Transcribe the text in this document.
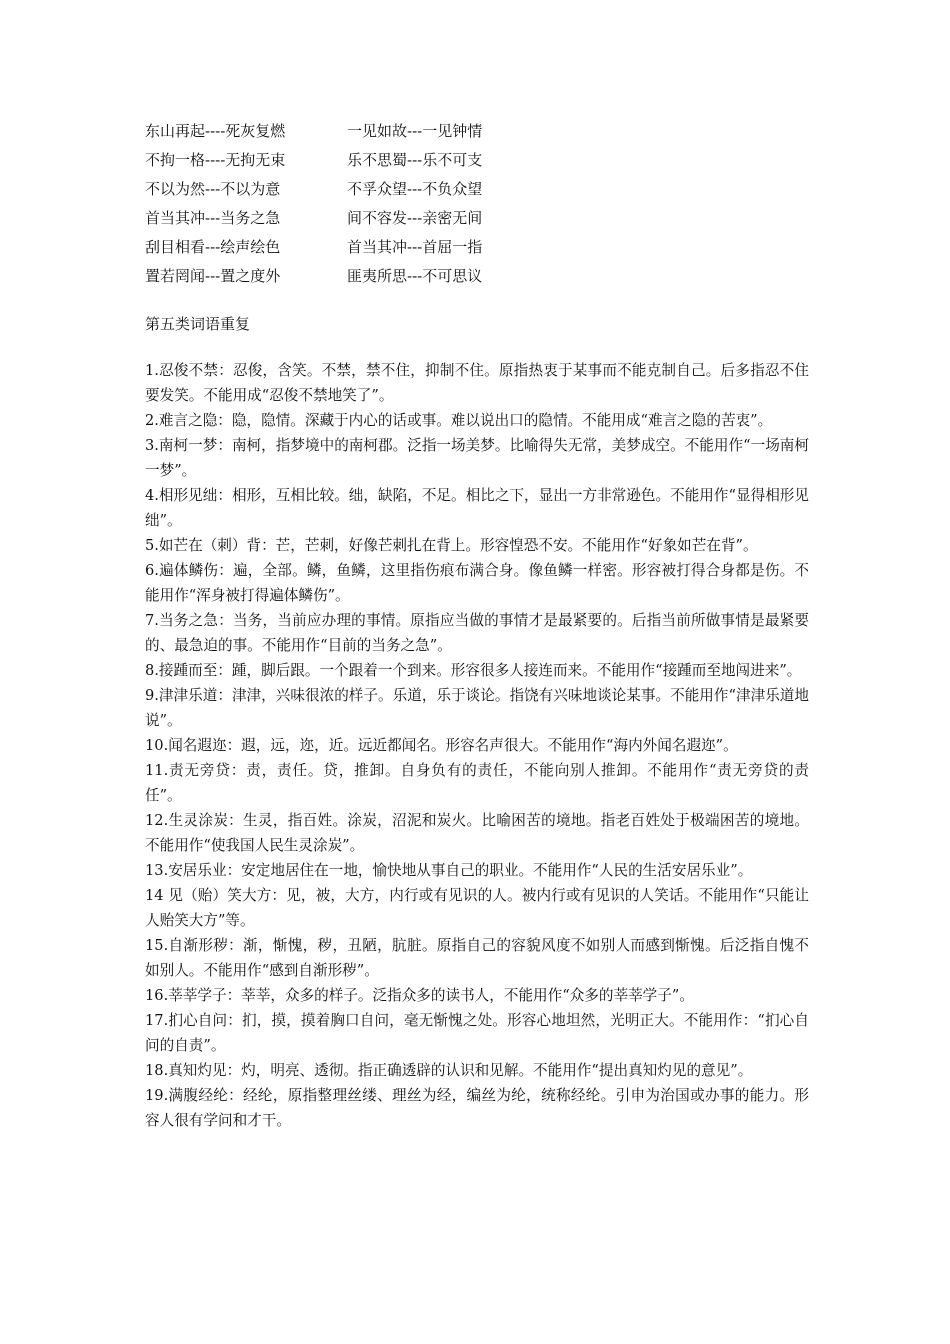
东山再起----死灰复燃	一见如故---一见钟情
不拘一格----无拘无束	乐不思蜀---乐不可支
不以为然---不以为意	不孚众望---不负众望
首当其冲---当务之急	间不容发---亲密无间
刮目相看---绘声绘色	首当其冲---首屈一指
置若罔闻---置之度外	匪夷所思---不可思议
第五类词语重复

1.忍俊不禁：忍俊，含笑。不禁，禁不住，抑制不住。原指热衷于某事而不能克制自己。后多指忍不住要发笑。不能用成“忍俊不禁地笑了”。

2.难言之隐：隐，隐情。深藏于内心的话或事。难以说出口的隐情。不能用成“难言之隐的苦衷”。

3.南柯一梦：南柯，指梦境中的南柯郡。泛指一场美梦。比喻得失无常，美梦成空。不能用作“一场南柯一梦”。

4.相形见绌：相形，互相比较。绌，缺陷，不足。相比之下，显出一方非常逊色。不能用作“显得相形见绌”。

5.如芒在（刺）背：芒，芒刺，好像芒刺扎在背上。形容惶恐不安。不能用作“好象如芒在背”。

6.遍体鳞伤：遍，全部。鳞，鱼鳞，这里指伤痕布满合身。像鱼鳞一样密。形容被打得合身都是伤。不能用作“浑身被打得遍体鳞伤”。

7.当务之急：当务，当前应办理的事情。原指应当做的事情才是最紧要的。后指当前所做事情是最紧要的、最急迫的事。不能用作“目前的当务之急”。

8.接踵而至：踵，脚后跟。一个跟着一个到来。形容很多人接连而来。不能用作“接踵而至地闯进来”。

9.津津乐道：津津，兴味很浓的样子。乐道，乐于谈论。指饶有兴味地谈论某事。不能用作“津津乐道地说”。

10.闻名遐迩：遐，远，迩，近。远近都闻名。形容名声很大。不能用作“海内外闻名遐迩”。

11.责无旁贷：责，责任。贷，推卸。自身负有的责任，不能向别人推卸。不能用作“责无旁贷的责任”。

12.生灵涂炭：生灵，指百姓。涂炭，沼泥和炭火。比喻困苦的境地。指老百姓处于极端困苦的境地。不能用作“使我国人民生灵涂炭”。

13.安居乐业：安定地居住在一地，愉快地从事自己的职业。不能用作“人民的生活安居乐业”。

14 见（贻）笑大方：见，被，大方，内行或有见识的人。被内行或有见识的人笑话。不能用作“只能让人贻笑大方”等。

15.自渐形秽：渐，惭愧，秽，丑陋，肮脏。原指自己的容貌风度不如别人而感到惭愧。后泛指自愧不如别人。不能用作“感到自渐形秽”。

16.莘莘学子：莘莘，众多的样子。泛指众多的读书人，不能用作“众多的莘莘学子”。

17.扪心自问：扪，摸，摸着胸口自问，毫无惭愧之处。形容心地坦然，光明正大。不能用作：“扪心自问的自责”。

18.真知灼见：灼，明亮、透彻。指正确透辟的认识和见解。不能用作“提出真知灼见的意见”。

19.满腹经纶：经纶，原指整理丝缕、理丝为经，编丝为纶，统称经纶。引申为治国或办事的能力。形容人很有学问和才干。
